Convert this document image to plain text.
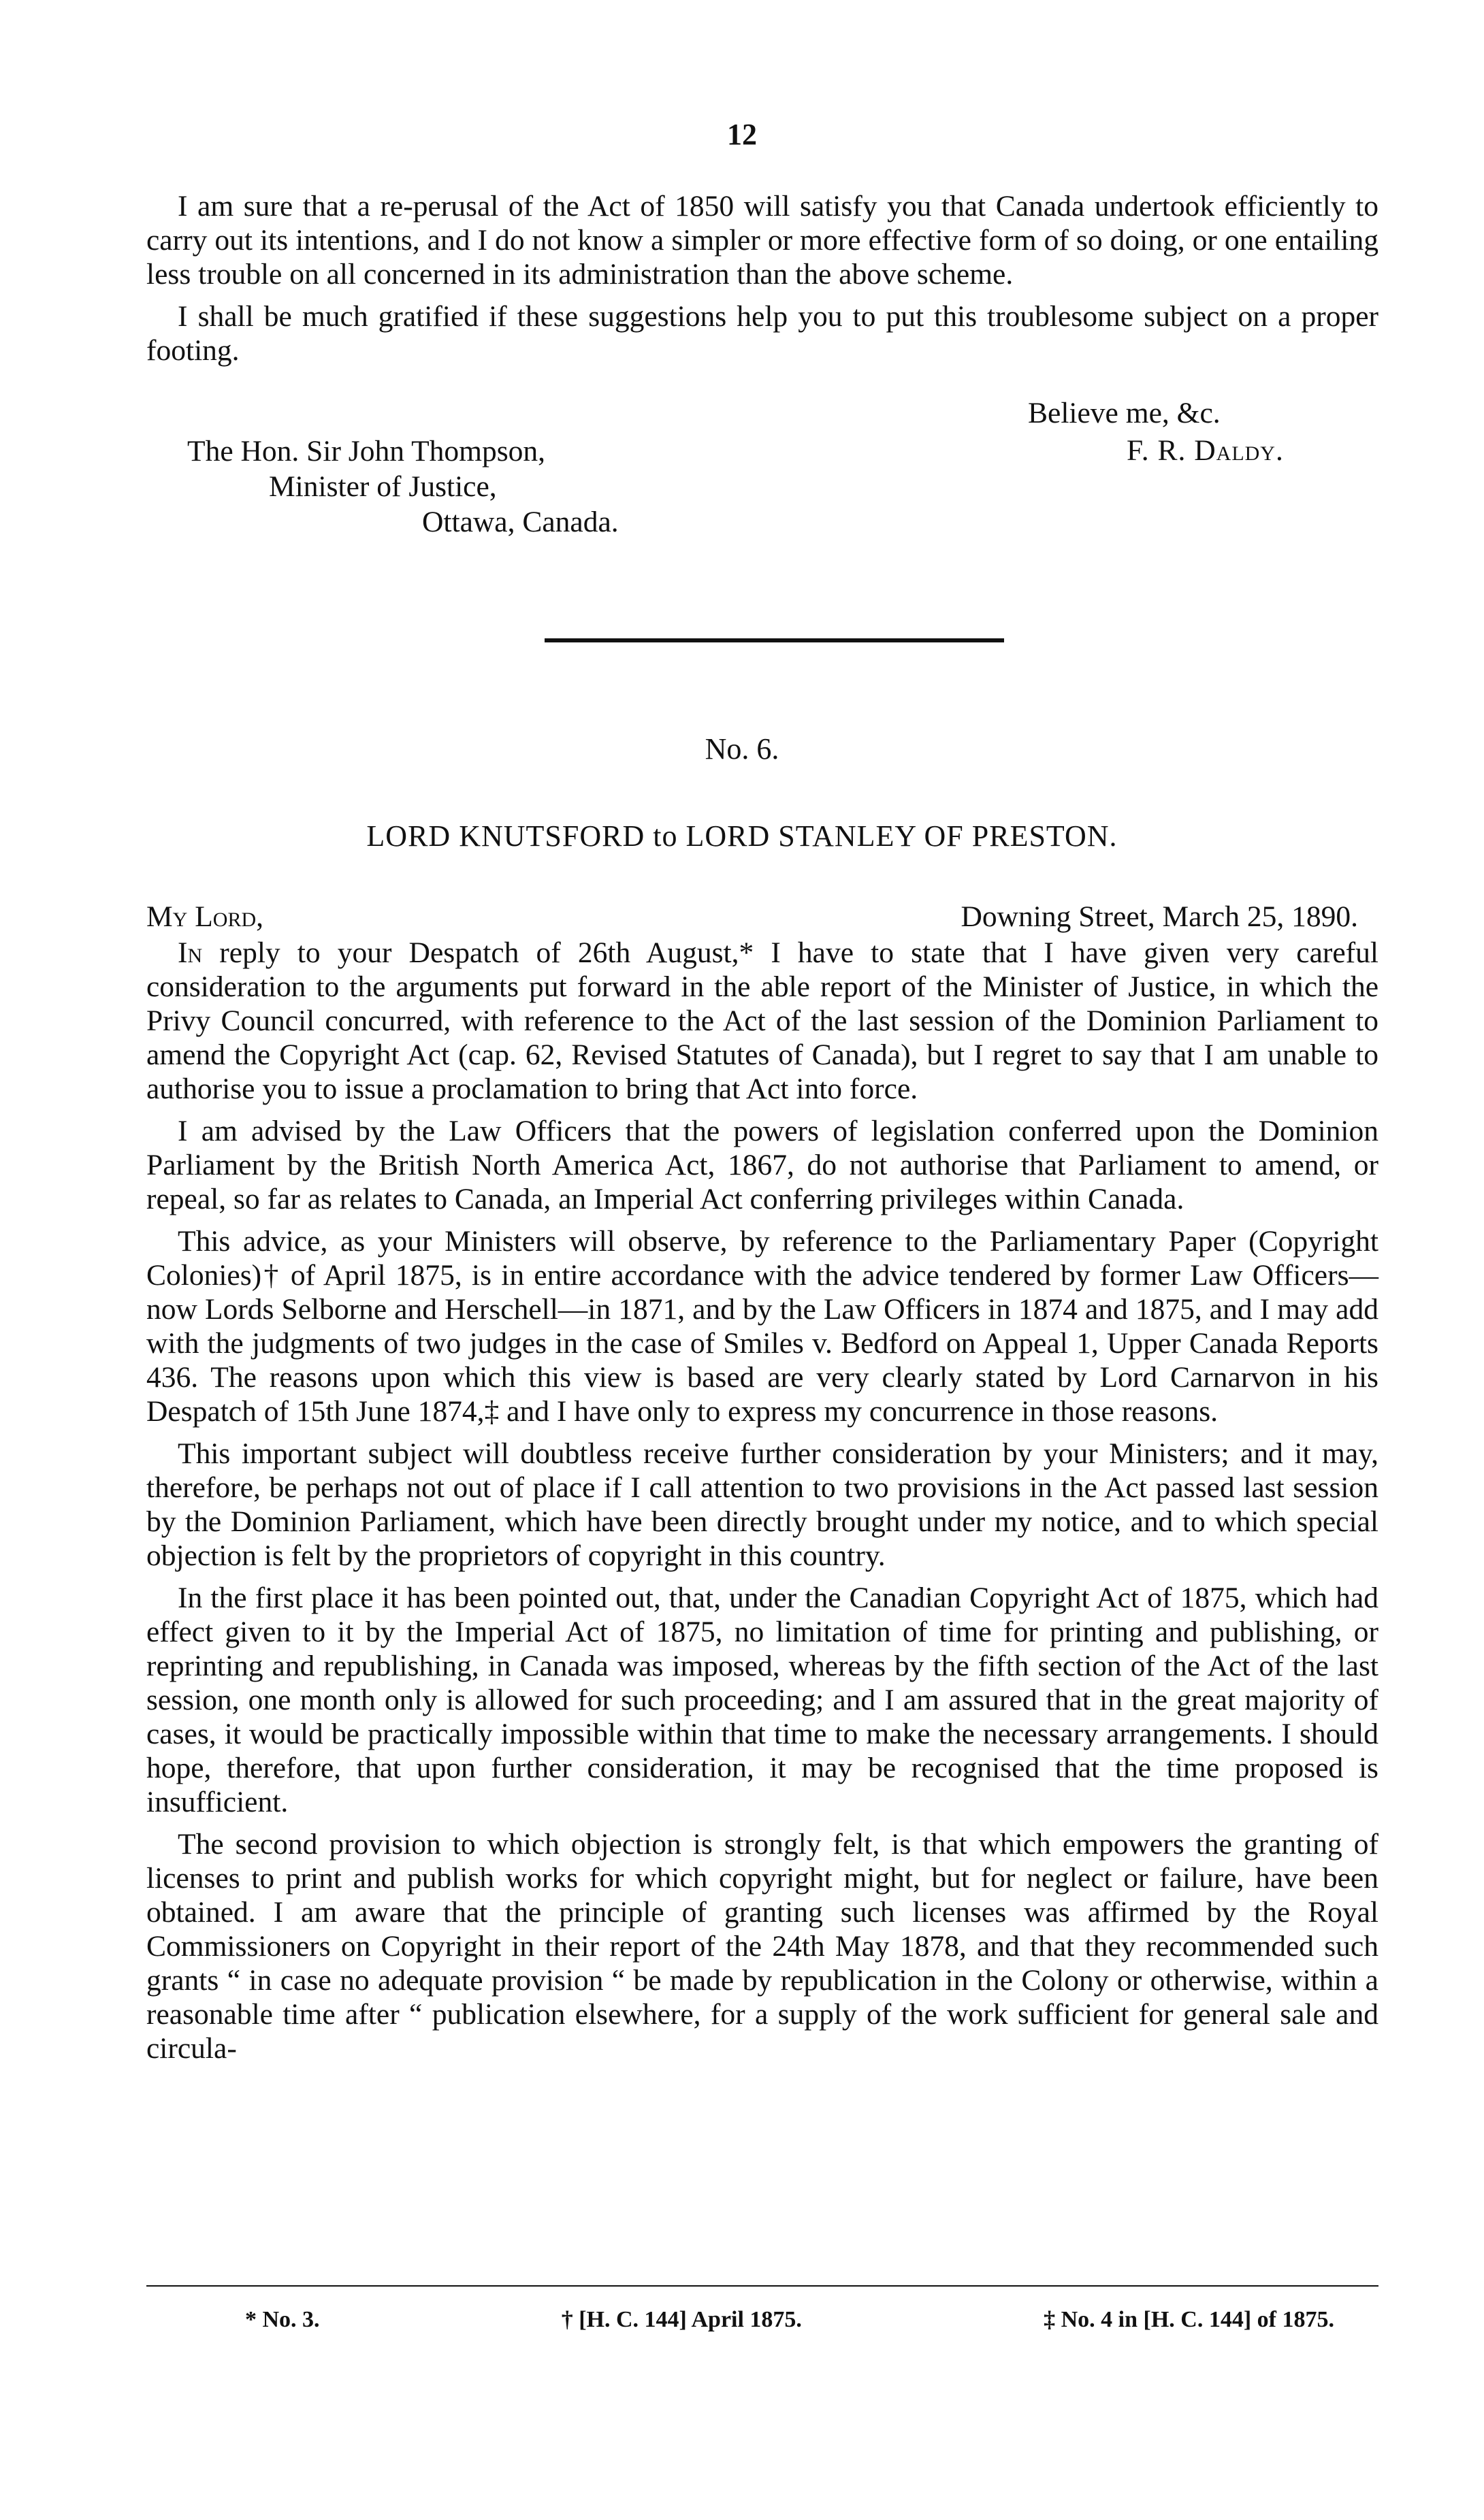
12

I am sure that a re-perusal of the Act of 1850 will satisfy you that Canada undertook efficiently to carry out its intentions, and I do not know a simpler or more effective form of so doing, or one entailing less trouble on all concerned in its administration than the above scheme.

I shall be much gratified if these suggestions help you to put this troublesome subject on a proper footing.

Believe me, &c.
F. R. Daldy.
The Hon. Sir John Thompson,
Minister of Justice,
Ottawa, Canada.
No. 6.
LORD KNUTSFORD to LORD STANLEY OF PRESTON.
My Lord,	Downing Street, March 25, 1890.

In reply to your Despatch of 26th August,* I have to state that I have given very careful consideration to the arguments put forward in the able report of the Minister of Justice, in which the Privy Council concurred, with reference to the Act of the last session of the Dominion Parliament to amend the Copyright Act (cap. 62, Revised Statutes of Canada), but I regret to say that I am unable to authorise you to issue a proclamation to bring that Act into force.

I am advised by the Law Officers that the powers of legislation conferred upon the Dominion Parliament by the British North America Act, 1867, do not authorise that Parliament to amend, or repeal, so far as relates to Canada, an Imperial Act conferring privileges within Canada.

This advice, as your Ministers will observe, by reference to the Parliamentary Paper (Copyright Colonies)† of April 1875, is in entire accordance with the advice tendered by former Law Officers—now Lords Selborne and Herschell—in 1871, and by the Law Officers in 1874 and 1875, and I may add with the judgments of two judges in the case of Smiles v. Bedford on Appeal 1, Upper Canada Reports 436. The reasons upon which this view is based are very clearly stated by Lord Carnarvon in his Despatch of 15th June 1874,‡ and I have only to express my concurrence in those reasons.

This important subject will doubtless receive further consideration by your Ministers; and it may, therefore, be perhaps not out of place if I call attention to two provisions in the Act passed last session by the Dominion Parliament, which have been directly brought under my notice, and to which special objection is felt by the proprietors of copyright in this country.

In the first place it has been pointed out, that, under the Canadian Copyright Act of 1875, which had effect given to it by the Imperial Act of 1875, no limitation of time for printing and publishing, or reprinting and republishing, in Canada was imposed, whereas by the fifth section of the Act of the last session, one month only is allowed for such proceeding; and I am assured that in the great majority of cases, it would be practically impossible within that time to make the necessary arrangements. I should hope, therefore, that upon further consideration, it may be recognised that the time proposed is insufficient.

The second provision to which objection is strongly felt, is that which empowers the granting of licenses to print and publish works for which copyright might, but for neglect or failure, have been obtained. I am aware that the principle of granting such licenses was affirmed by the Royal Commissioners on Copyright in their report of the 24th May 1878, and that they recommended such grants “ in case no adequate provision “ be made by republication in the Colony or otherwise, within a reasonable time after “ publication elsewhere, for a supply of the work sufficient for general sale and circula-

* No. 3.	† [H. C. 144] April 1875.	‡ No. 4 in [H. C. 144] of 1875.
